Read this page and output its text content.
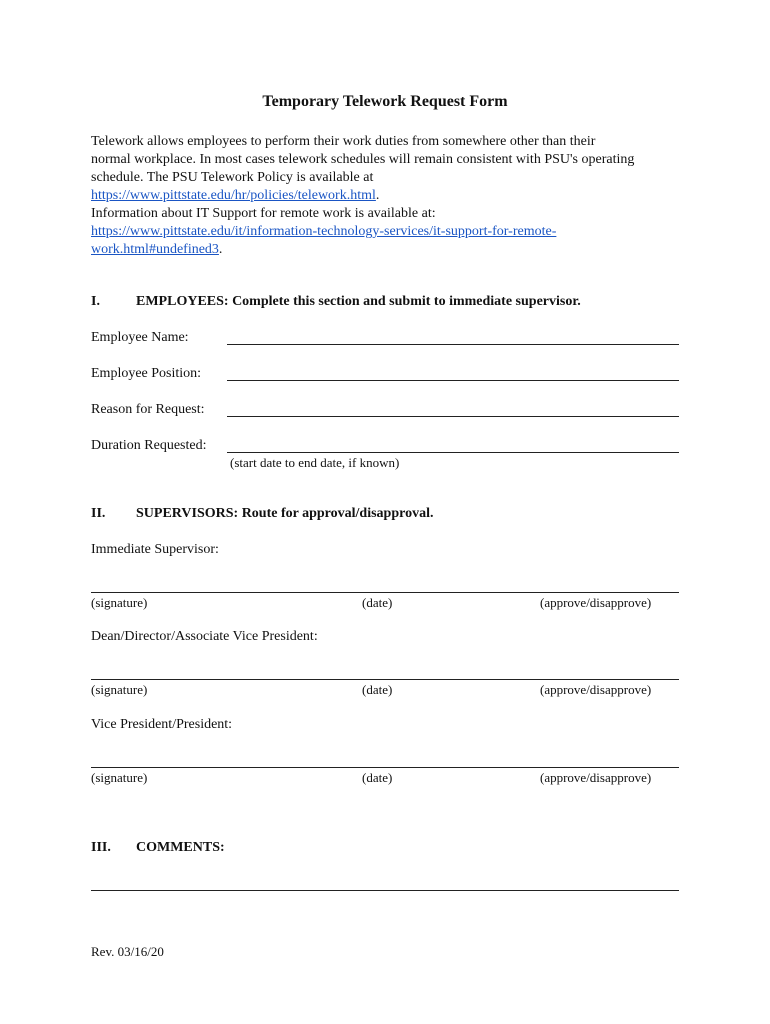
Temporary Telework Request Form

Telework allows employees to perform their work duties from somewhere other than their

normal workplace. In most cases telework schedules will remain consistent with PSU's operating

schedule. The PSU Telework Policy is available at

https://www.pittstate.edu/hr/policies/telework.html.

Information about IT Support for remote work is available at:

https://www.pittstate.edu/it/information-technology-services/it-support-for-remote-

work.html#undefined3.

I.	EMPLOYEES: Complete this section and submit to immediate supervisor.
Employee Name:
Employee Position:
Reason for Request:
Duration Requested:
(start date to end date, if known)
II. SUPERVISORS: Route for approval/disapproval.
Immediate Supervisor:
(signature)	(date)	(approve/disapprove)
Dean/Director/Associate Vice President:
(signature)	(date)	(approve/disapprove)
Vice President/President:
(signature)	(date)	(approve/disapprove)
III. COMMENTS:
Rev. 03/16/20
